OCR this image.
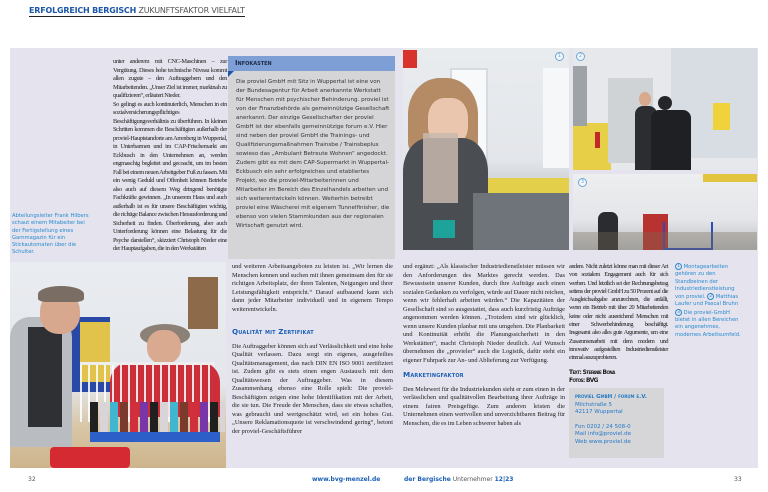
ERFOLGREICH BERGISCH ZUKUNFTSFAKTOR VIELFALT
Abteilungsleiter Frank Hilbers schaut einem Mitabeiter bei der Fertigstellung eines Garnmagazin für ein Stickautomaten über die Schulter.

unter anderem mit CNC-Maschinen – zur Vergütung. Dieses hohe technische Niveau kommt allen zugute – den Auftraggebern und den Mitarbeitenden. „Unser Ziel ist immer, marktnah zu qualifizieren“, erläutert Nieder.

So gelingt es auch kontinuierlich, Menschen in ein sozialversicherungspflichtiges Beschäftigungsverhältnis zu überführen. In kleinen Schritten kommen die Beschäftigten außerhalb der proviel-Hauptstandorte am Arrenberg in Wuppertal, in Unterbarmen und im CAP-Frischemarkt am Eckbusch in den Unternehmen an, werden engmaschig begleitet und gecoacht, um im besten Fall bei einem neuen Arbeitgeber Fuß zu fassen. Mit ein wenig Geduld und Offenheit können Betriebe also auch auf diesem Weg dringend benötigte Fachkräfte gewinnen. „In unserem Haus und auch außerhalb ist es für unsere Beschäftigten wichtig, die richtige Balance zwischen Herausforderung und Sicherheit zu finden. Überforderung, aber auch Unterforderung können eine Belastung für die Psyche darstellen“, skizziert Christoph Nieder eine der Hauptaufgaben, die in den Werkstätten

Infokasten
Die proviel GmbH mit Sitz in Wuppertal ist eine von der Bundesagentur für Arbeit anerkannte Werkstatt für Menschen mit psychischer Behinderung. proviel ist von der Finanzbehörde als gemeinnützige Gesellschaft anerkannt. Der einzige Gesellschafter der proviel GmbH ist der ebenfalls gemeinnützige forum e.V. Hier sind neben der proviel GmbH die Trainings- und Qualifizierungsmaßnahmen Trainsbe / Trainsbeplus sowieso das „Ambulant Betreute Wohnen“ angedockt. Zudem gibt es mit dem CAP-Supermarkt in Wuppertal-Eckbusch ein sehr erfolgreiches und etabliertes Projekt, wo die proviel-Mitarbeiterinnen und Mitarbeiter im Bereich des Einzelhandels arbeiten und sich weiterentwickeln können. Weiterhin betreibt proviel eine Wäscherei mit eigenem Tunnelfinisher, die ebenso von vielen Stammkunden aus der regionalen Wirtschaft genutzt wird.
1	2
3

und weiteren Arbeitsangeboten zu leisten ist. „Wir lernen die Menschen kennen und suchen mit ihnen gemeinsam den für sie richtigen Arbeitsplatz, der ihren Talenten, Neigungen und ihrer Leistungsfähigkeit entspricht.“ Darauf aufbauend kann sich dann jeder Mitarbeiter individuell und in eigenem Tempo weiterentwickeln.

Qualität mit Zertifikat

Die Auftraggeber können sich auf Verlässlichkeit und eine hohe Qualität verlassen. Dazu sorgt ein eigenes, ausgefeiltes Qualitätsmanagement, das nach DIN EN ISO 9001 zertifiziert ist. Zudem gibt es stets einen engen Austausch mit dem Qualitätswesen der Auftraggeber. Was in diesem Zusammenhang ebenso eine Rolle spielt: Die proviel-Beschäftigten zeigen eine hohe Identifikation mit der Arbeit, die sie tun. Die Freude der Menschen, dass sie etwas schaffen, was gebraucht und wertgeschätzt wird, sei ein hohes Gut. „Unsere Reklamationsquote ist verschwindend gering“, betont der proviel-Geschäftsführer

und ergänzt: „Als klassischer Industriedienstleister müssen wir den Anforderungen des Marktes gerecht werden. Das Bewusstsein unserer Kunden, durch ihre Aufträge auch einen sozialen Gedanken zu verfolgen, würde auf Dauer nicht reichen, wenn wir fehlerhaft arbeiten würden.“ Die Kapazitäten der Gesellschaft sind so ausgestattet, dass auch kurzfristig Aufträge angenommen werden können. „Trotzdem sind wir glücklich, wenn unsere Kunden planbar mit uns umgehen. Die Planbarkeit und Kontinuität erhöht die Planungssicherheit in den Werkstätten“, macht Christoph Nieder deutlich. Auf Wunsch übernehmen die „provieler“ auch die Logistik, dafür steht ein eigener Fuhrpark zur An- und Ablieferung zur Verfügung.

Marketingfaktor

Den Mehrwert für die Industriekunden sieht er zum einen in der verlässlichen und qualitätvollen Bearbeitung ihrer Aufträge in einem fairen Preisgefüge. Zum anderen leisten die Unternehmen einen wertvollen und unverzichtbaren Beitrag für Menschen, die es im Leben schwerer haben als

andere. Nicht zuletzt könne man mit dieser Art von sozialem Engagement auch für sich werben. Und letztlich sei der Rechnungsbetrag seitens der proviel GmbH zu 50 Prozent auf die Ausgleichsabgabe anzurechnen, die anfällt, wenn ein Betrieb mit über 20 Mitarbeitenden keine oder nicht ausreichend Menschen mit einer Schwerbehinderung beschäftigt. Insgesamt also alles gute Argumente, um eine Zusammenarbeit mit dem modern und innovativ aufgestellten Industriedienstleister einmal auszuprobieren.

Text: Stefanie Bona

Fotos: BVG

proviel GmbH / forum e.V.
Milchstraße 5
42117 Wuppertal
Fon 0202 / 24 508-0
Mail info@proviel.de
Web www.proviel.de
1 Montagearbeiten gehören zu den Standbeinen der Industriedienstleistung von proviel. 2 Matthias Laufer und Pascal Bruhn 3 Die proviel-GmbH bietet in allen Bereichen ein angenehmes, modernes Arbeitsumfeld.
32	www.bvg-menzel.de	der Bergische Unternehmer 12|23	33
